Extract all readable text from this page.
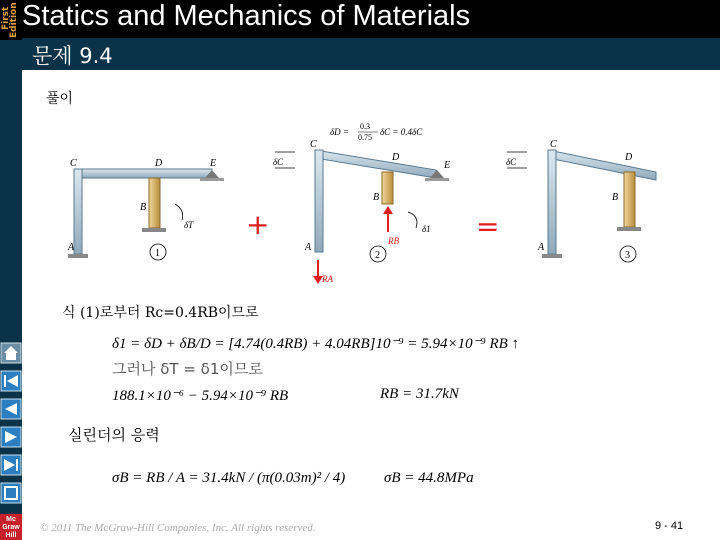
First
Edition Statics and Mechanics of Materials
문제 9.4
Mc
Graw
Hill
풀이
C	D	E
B
A
δT
1
+
C
D
E
B
A
δC
δD =
0.3
0.75
δC = 0.4δC
RB
RA
δ1
2
=
C
D
B
A
δC
3
식 (1)로부터 Rc=0.4RB이므로
δ1 = δD + δB/D = [4.74(0.4RB) + 4.04RB]10⁻⁹ = 5.94×10⁻⁹ RB ↑
그러나 δT = δ1이므로
188.1×10⁻⁶ − 5.94×10⁻⁹ RB	RB = 31.7kN
실린더의 응력
σB = RB / A = 31.4kN / (π(0.03m)² / 4)	σB = 44.8MPa
© 2011 The McGraw-Hill Companies, Inc. All rights reserved.	9 - 41
